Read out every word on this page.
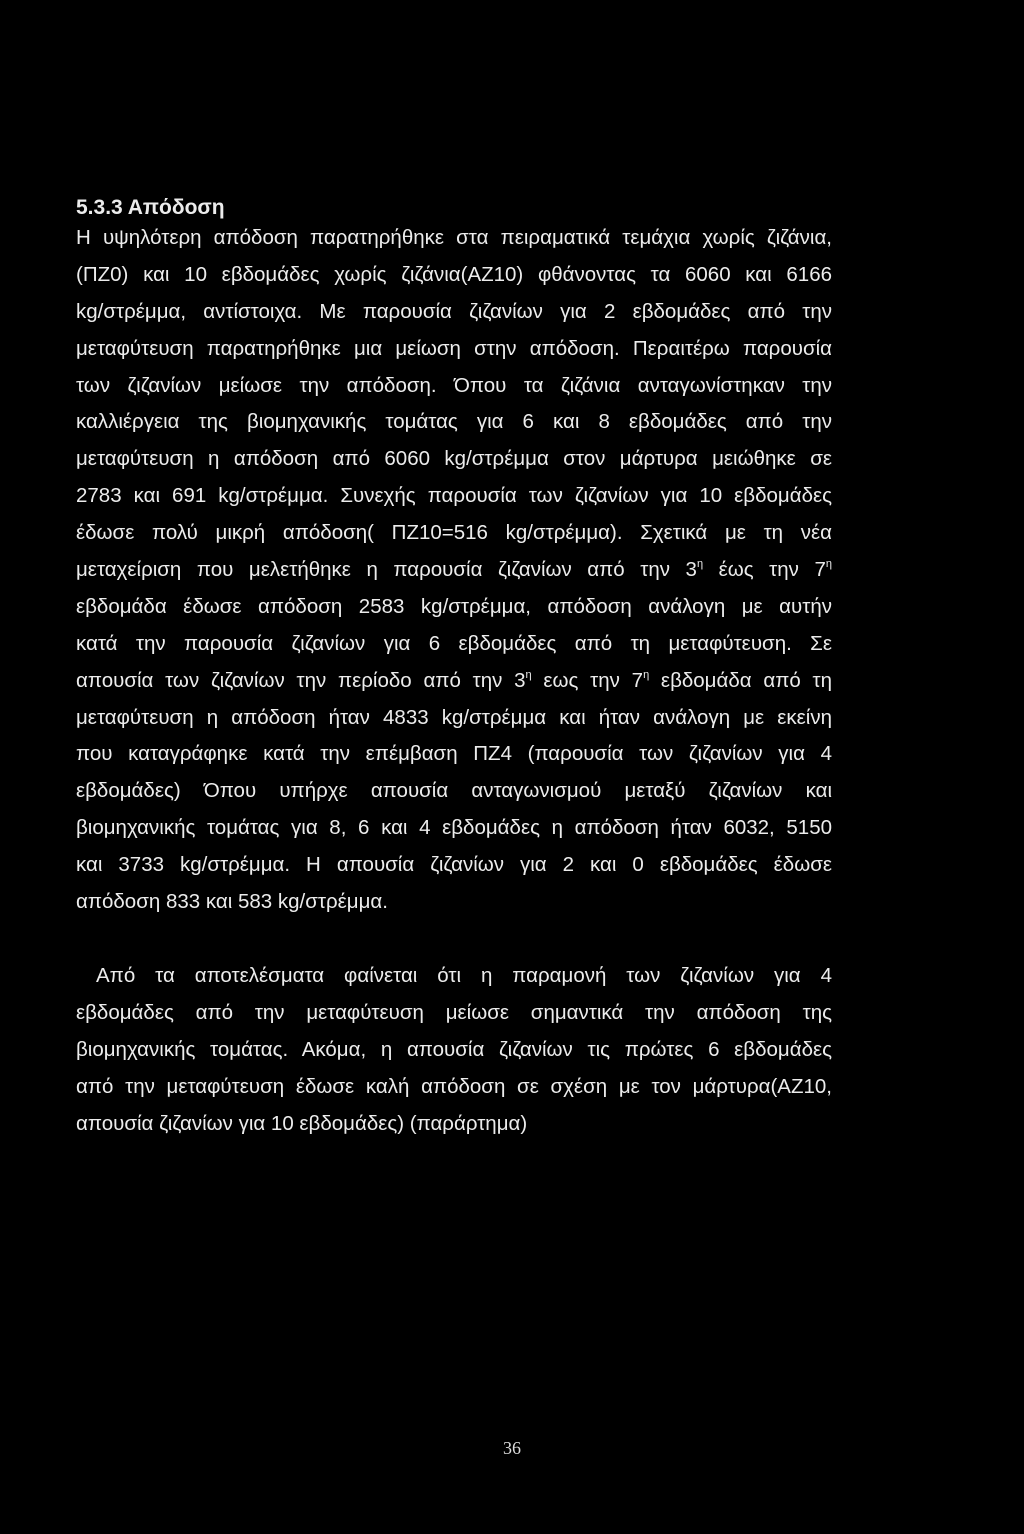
5.3.3 Απόδοση
Η υψηλότερη απόδοση παρατηρήθηκε στα πειραματικά τεμάχια χωρίς ζιζάνια,
(ΠΖ0) και 10 εβδομάδες χωρίς ζιζάνια(ΑΖ10) φθάνοντας τα 6060 και 6166
kg/στρέμμα, αντίστοιχα. Με παρουσία ζιζανίων για 2 εβδομάδες από την
μεταφύτευση παρατηρήθηκε μια μείωση στην απόδοση. Περαιτέρω παρουσία
των ζιζανίων μείωσε την απόδοση. Όπου τα ζιζάνια ανταγωνίστηκαν την
καλλιέργεια της βιομηχανικής τομάτας για 6 και 8 εβδομάδες από την
μεταφύτευση η απόδοση από 6060 kg/στρέμμα στον μάρτυρα μειώθηκε σε
2783 και 691 kg/στρέμμα. Συνεχής παρουσία των ζιζανίων για 10 εβδομάδες
έδωσε πολύ μικρή απόδοση( ΠΖ10=516 kg/στρέμμα). Σχετικά με τη νέα
μεταχείριση που μελετήθηκε η παρουσία ζιζανίων από την $3^\eta$ έως την $7^\eta$
εβδομάδα έδωσε απόδοση 2583 kg/στρέμμα, απόδοση ανάλογη με αυτήν
κατά την παρουσία ζιζανίων για 6 εβδομάδες από τη μεταφύτευση. Σε
απουσία των ζιζανίων την περίοδο από την $3^\eta$ εως την $7^\eta$ εβδομάδα από τη
μεταφύτευση η απόδοση ήταν 4833 kg/στρέμμα και ήταν ανάλογη με εκείνη
που καταγράφηκε κατά την επέμβαση ΠΖ4 (παρουσία των ζιζανίων για 4
εβδομάδες) Όπου υπήρχε απουσία ανταγωνισμού μεταξύ ζιζανίων και
βιομηχανικής τομάτας για 8, 6 και 4 εβδομάδες η απόδοση ήταν 6032, 5150
και 3733 kg/στρέμμα. Η απουσία ζιζανίων για 2 και 0 εβδομάδες έδωσε
απόδοση 833 και 583 kg/στρέμμα.
Από τα αποτελέσματα φαίνεται ότι η παραμονή των ζιζανίων για 4
εβδομάδες από την μεταφύτευση μείωσε σημαντικά την απόδοση της
βιομηχανικής τομάτας. Ακόμα, η απουσία ζιζανίων τις πρώτες 6 εβδομάδες
από την μεταφύτευση έδωσε καλή απόδοση σε σχέση με τον μάρτυρα(ΑΖ10,
απουσία ζιζανίων για 10 εβδομάδες) (παράρτημα)
36
